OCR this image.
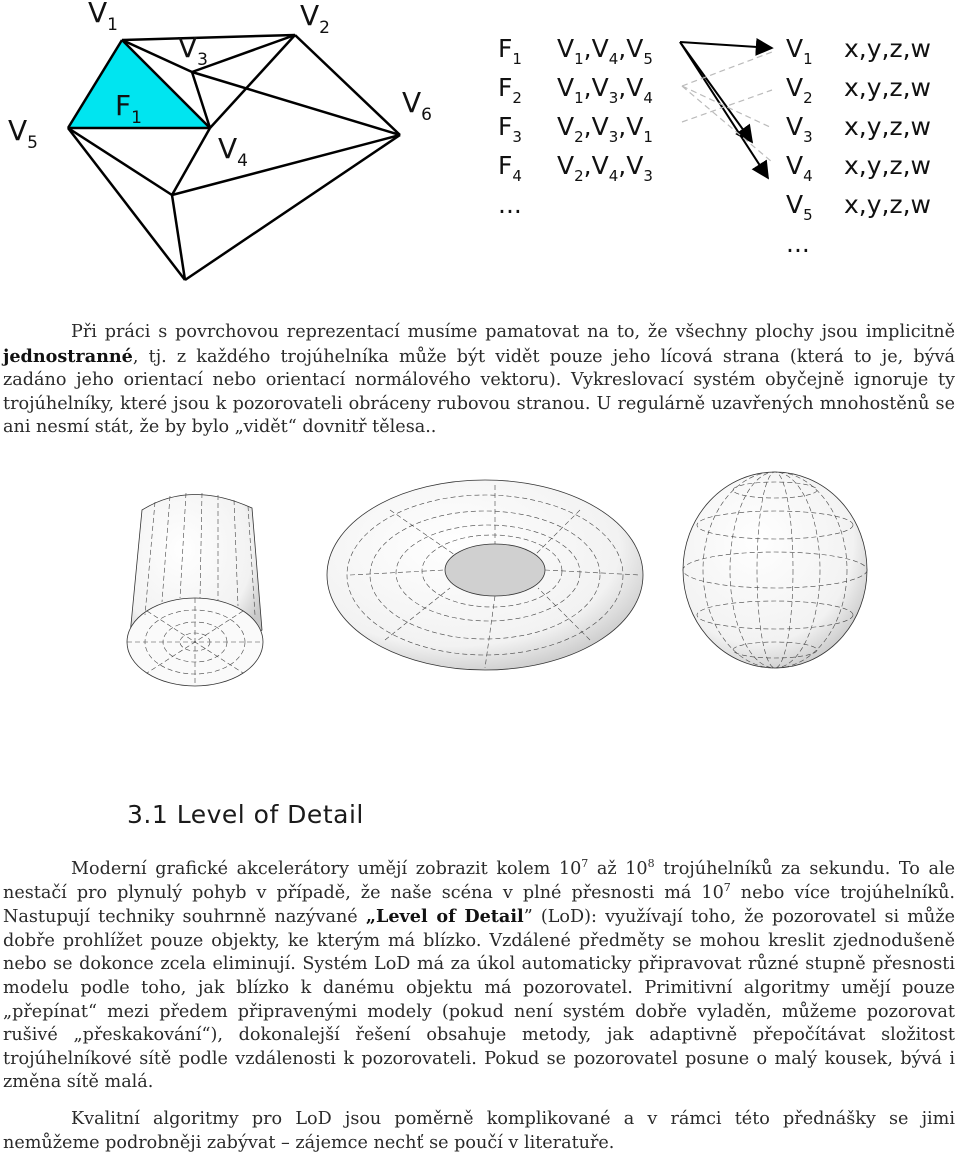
$V_1$	$V_2$
$V_3$
$V_4$
$V_5$
$V_6$
$F_1$
$F_1$
$F_2$
$F_3$
$F_4$
...
$V_1,V_4,V_5$
$V_1,V_3,V_4$
$V_2,V_3,V_1$
$V_2,V_4,V_3$
$V_1$
$V_2$
$V_3$
$V_4$
$V_5$
...
x,y,z,w
x,y,z,w
x,y,z,w
x,y,z,w
x,y,z,w

Při práci s povrchovou reprezentací musíme pamatovat na to, že všechny plochy jsou implicitně jednostranné, tj. z každého trojúhelníka může být vidět pouze jeho lícová strana (která to je, bývá zadáno jeho orientací nebo orientací normálového vektoru). Vykreslovací systém obyčejně ignoruje ty trojúhelníky, které jsou k pozorovateli obráceny rubovou stranou. U regulárně uzavřených mnohostěnů se ani nesmí stát, že by bylo „vidět“ dovnitř tělesa..

3.1 Level of Detail

Moderní grafické akcelerátory umějí zobrazit kolem $10^7$ až $10^8$ trojúhelníků za sekundu. To ale nestačí pro plynulý pohyb v případě, že naše scéna v plné přesnosti má $10^7$ nebo více trojúhelníků. Nastupují techniky souhrnně nazývané „Level of Detail” (LoD): využívají toho, že pozorovatel si může dobře prohlížet pouze objekty, ke kterým má blízko. Vzdálené předměty se mohou kreslit zjednodušeně nebo se dokonce zcela eliminují. Systém LoD má za úkol automaticky připravovat různé stupně přesnosti modelu podle toho, jak blízko k danému objektu má pozorovatel. Primitivní algoritmy umějí pouze „přepínat“ mezi předem připravenými modely (pokud není systém dobře vyladěn, můžeme pozorovat rušivé „přeskakování“), dokonalejší řešení obsahuje metody, jak adaptivně přepočítávat složitost trojúhelníkové sítě podle vzdálenosti k pozorovateli. Pokud se pozorovatel posune o malý kousek, bývá i změna sítě malá.

Kvalitní algoritmy pro LoD jsou poměrně komplikované a v rámci této přednášky se jimi nemůžeme podrobněji zabývat – zájemce nechť se poučí v literatuře.
